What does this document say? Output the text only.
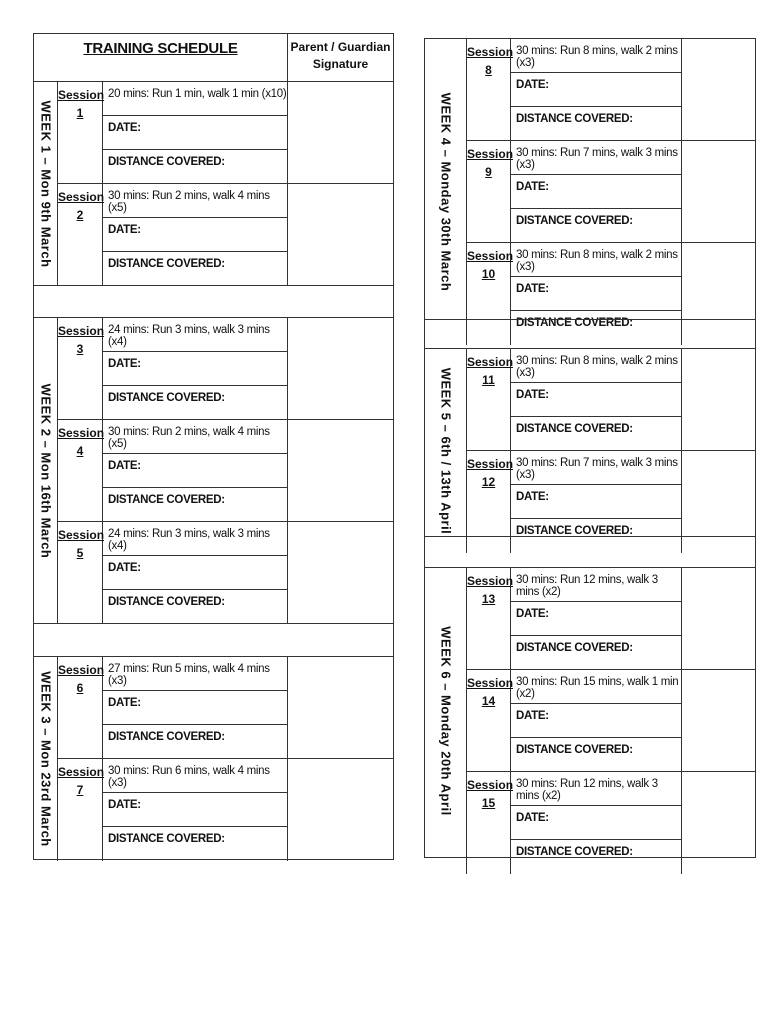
TRAINING SCHEDULE	Parent / Guardian Signature
WEEK 1 – Mon 9th March
Session
1
20 mins: Run 1 min, walk 1 min (x10)
DATE:
DISTANCE COVERED:
Session
2
30 mins: Run 2 mins, walk 4 mins (x5)
DATE:
DISTANCE COVERED:
WEEK 2 – Mon 16th March
Session
3
24 mins: Run 3 mins, walk 3 mins (x4)
DATE:
DISTANCE COVERED:
Session
4
30 mins: Run 2 mins, walk 4 mins (x5)
DATE:
DISTANCE COVERED:
Session
5
24 mins: Run 3 mins, walk 3 mins (x4)
DATE:
DISTANCE COVERED:
WEEK 3 – Mon 23rd March
Session
6
27 mins: Run 5 mins, walk 4 mins (x3)
DATE:
DISTANCE COVERED:
Session
7
30 mins: Run 6 mins, walk 4 mins (x3)
DATE:
DISTANCE COVERED:
WEEK 4 – Monday 30th March
Session
8
30 mins: Run 8 mins, walk 2 mins (x3)
DATE:
DISTANCE COVERED:
Session
9
30 mins: Run 7 mins, walk 3 mins (x3)
DATE:
DISTANCE COVERED:
Session
10
30 mins: Run 8 mins, walk 2 mins (x3)
DATE:
DISTANCE COVERED:
WEEK 5 – 6th / 13th April
Session
11
30 mins: Run 8 mins, walk 2 mins (x3)
DATE:
DISTANCE COVERED:
Session
12
30 mins: Run 7 mins, walk 3 mins (x3)
DATE:
DISTANCE COVERED:
WEEK 6 – Monday 20th April
Session
13
30 mins: Run 12 mins, walk 3 mins (x2)
DATE:
DISTANCE COVERED:
Session
14
30 mins: Run 15 mins, walk 1 min (x2)
DATE:
DISTANCE COVERED:
Session
15
30 mins: Run 12 mins, walk 3 mins (x2)
DATE:
DISTANCE COVERED:
